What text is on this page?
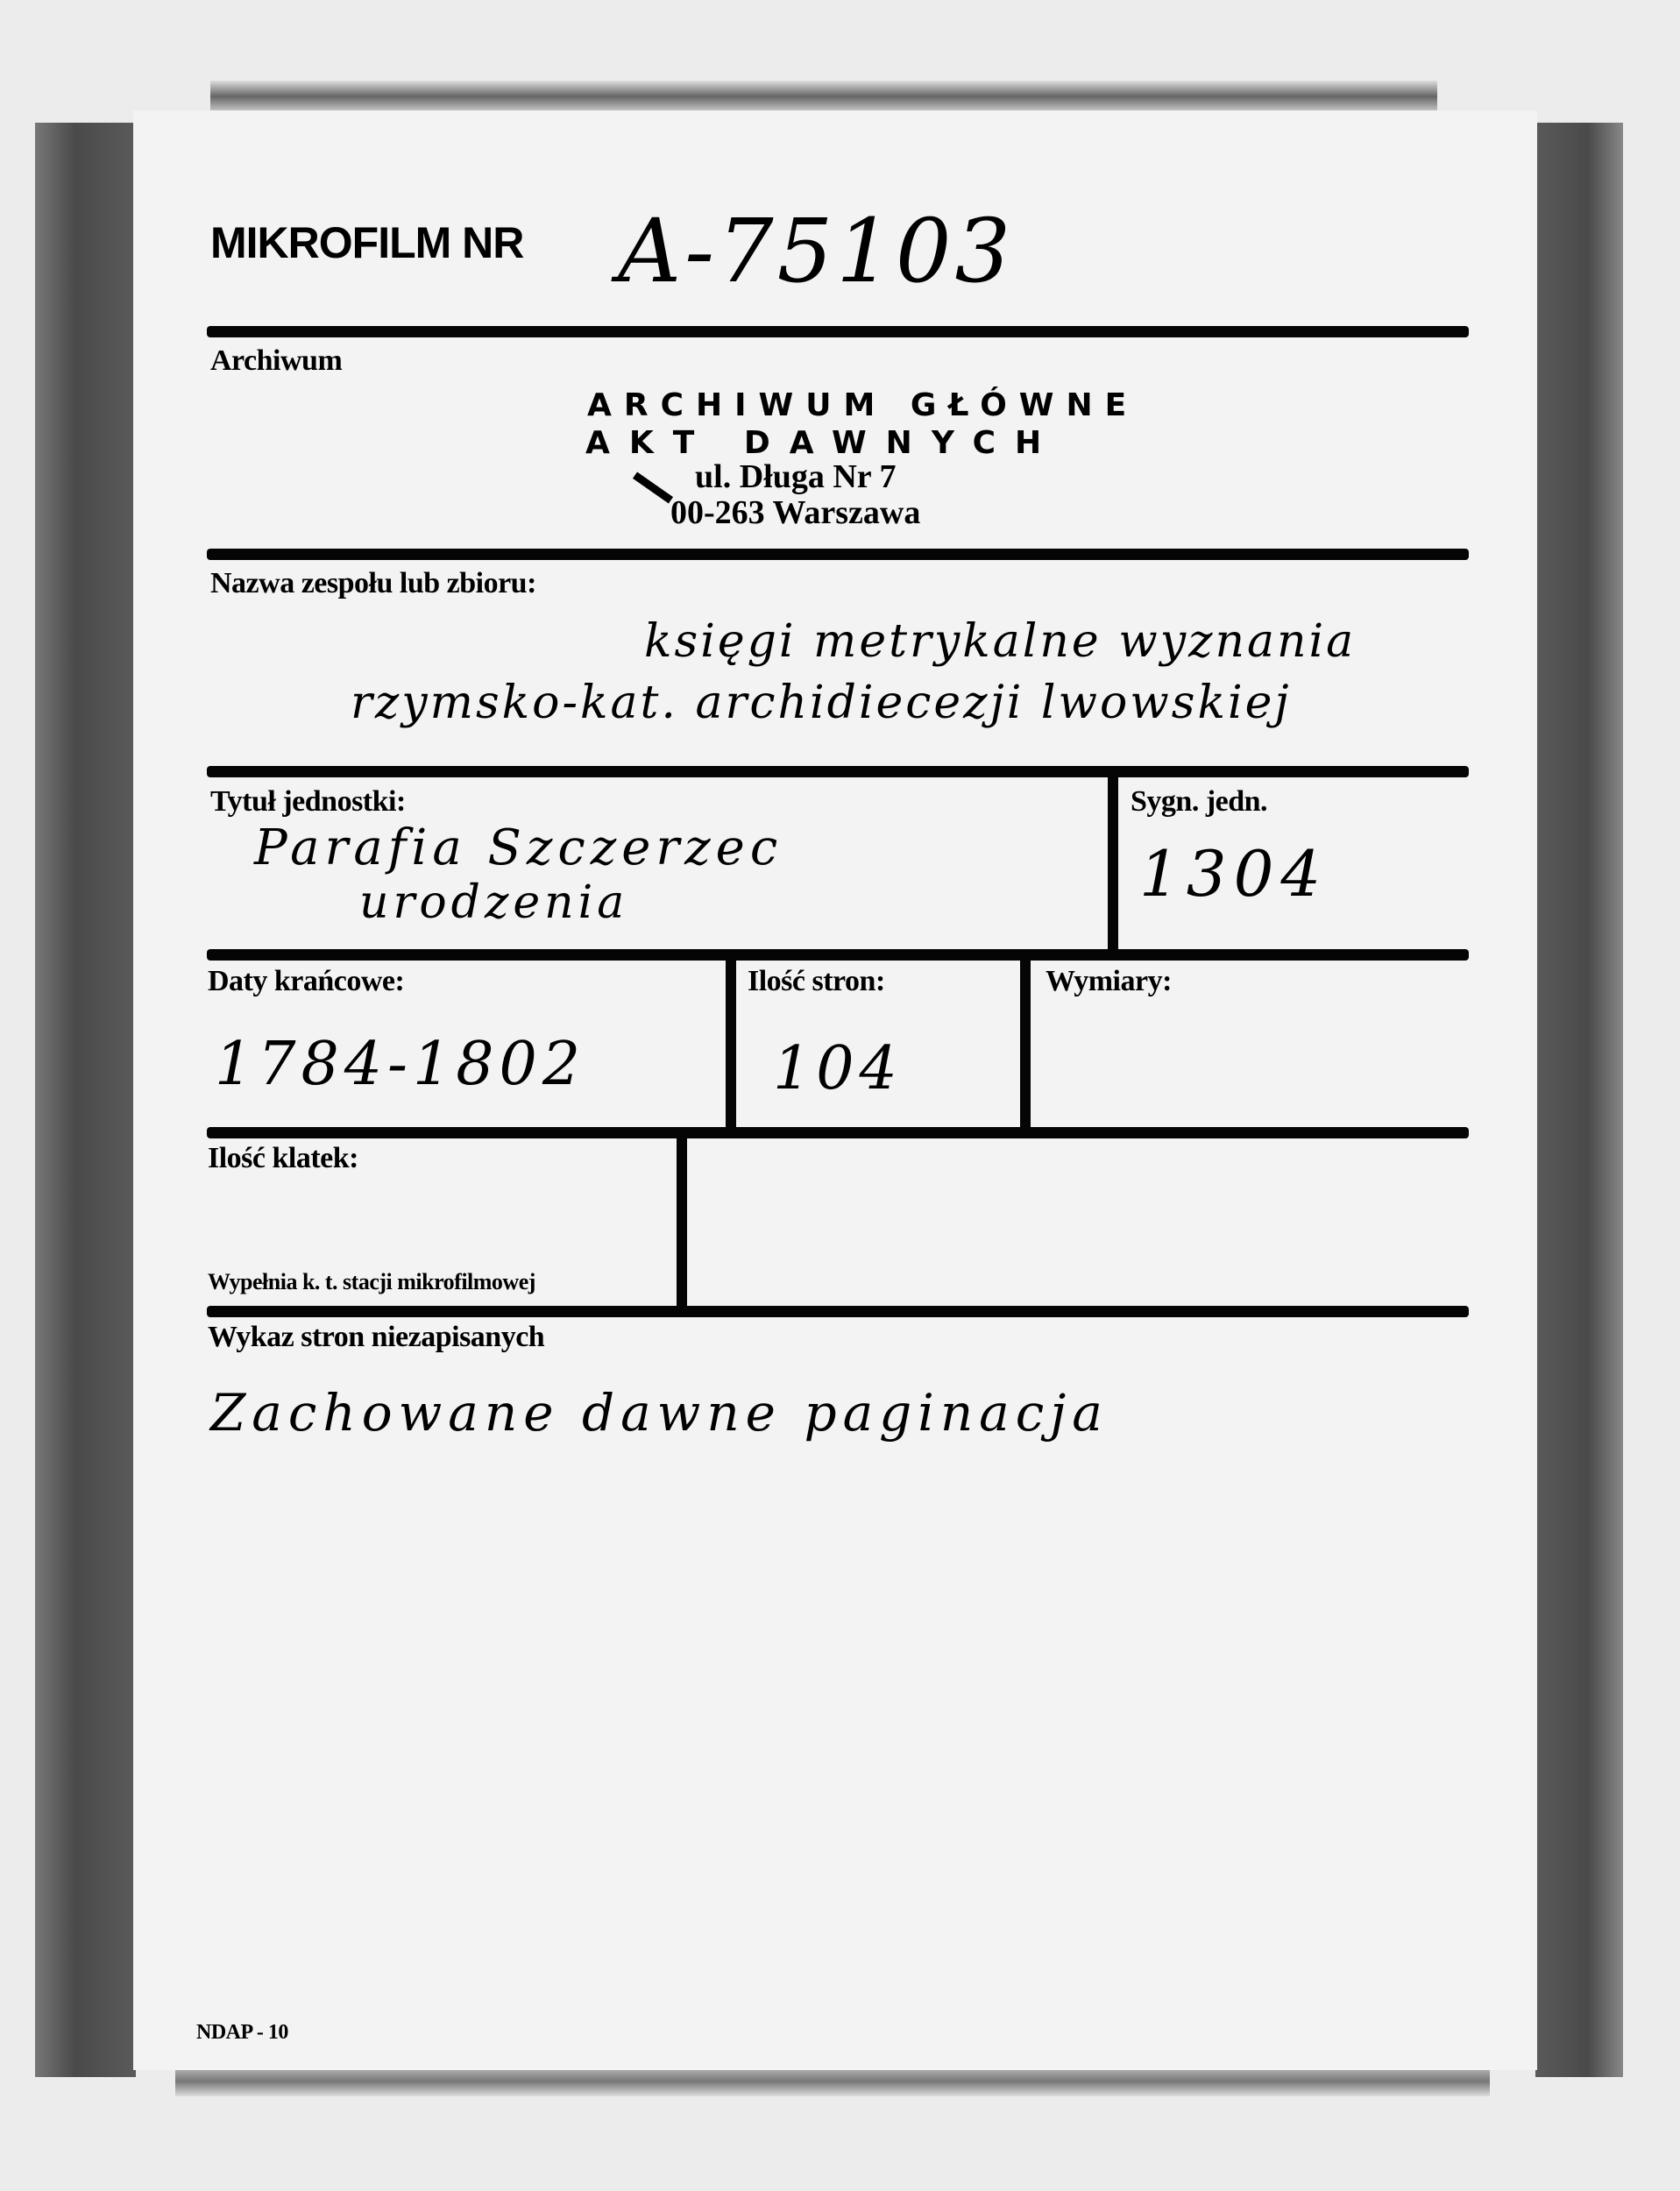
MIKROFILM NR A-75103
Archiwum
ARCHIWUM GŁÓWNE
AKT DAWNYCH
ul. Długa Nr 7
00-263 Warszawa
Nazwa zespołu lub zbioru:
księgi metrykalne wyznania
rzymsko-kat. archidiecezji lwowskiej
Tytuł jednostki:
Parafia Szczerzec
urodzenia
Sygn. jedn.
1304
Daty krańcowe:
1784-1802
Ilość stron:
104
Wymiary:
Ilość klatek:
Wypełnia k. t. stacji mikrofilmowej
Wykaz stron niezapisanych
Zachowane dawne paginacja
NDAP - 10
